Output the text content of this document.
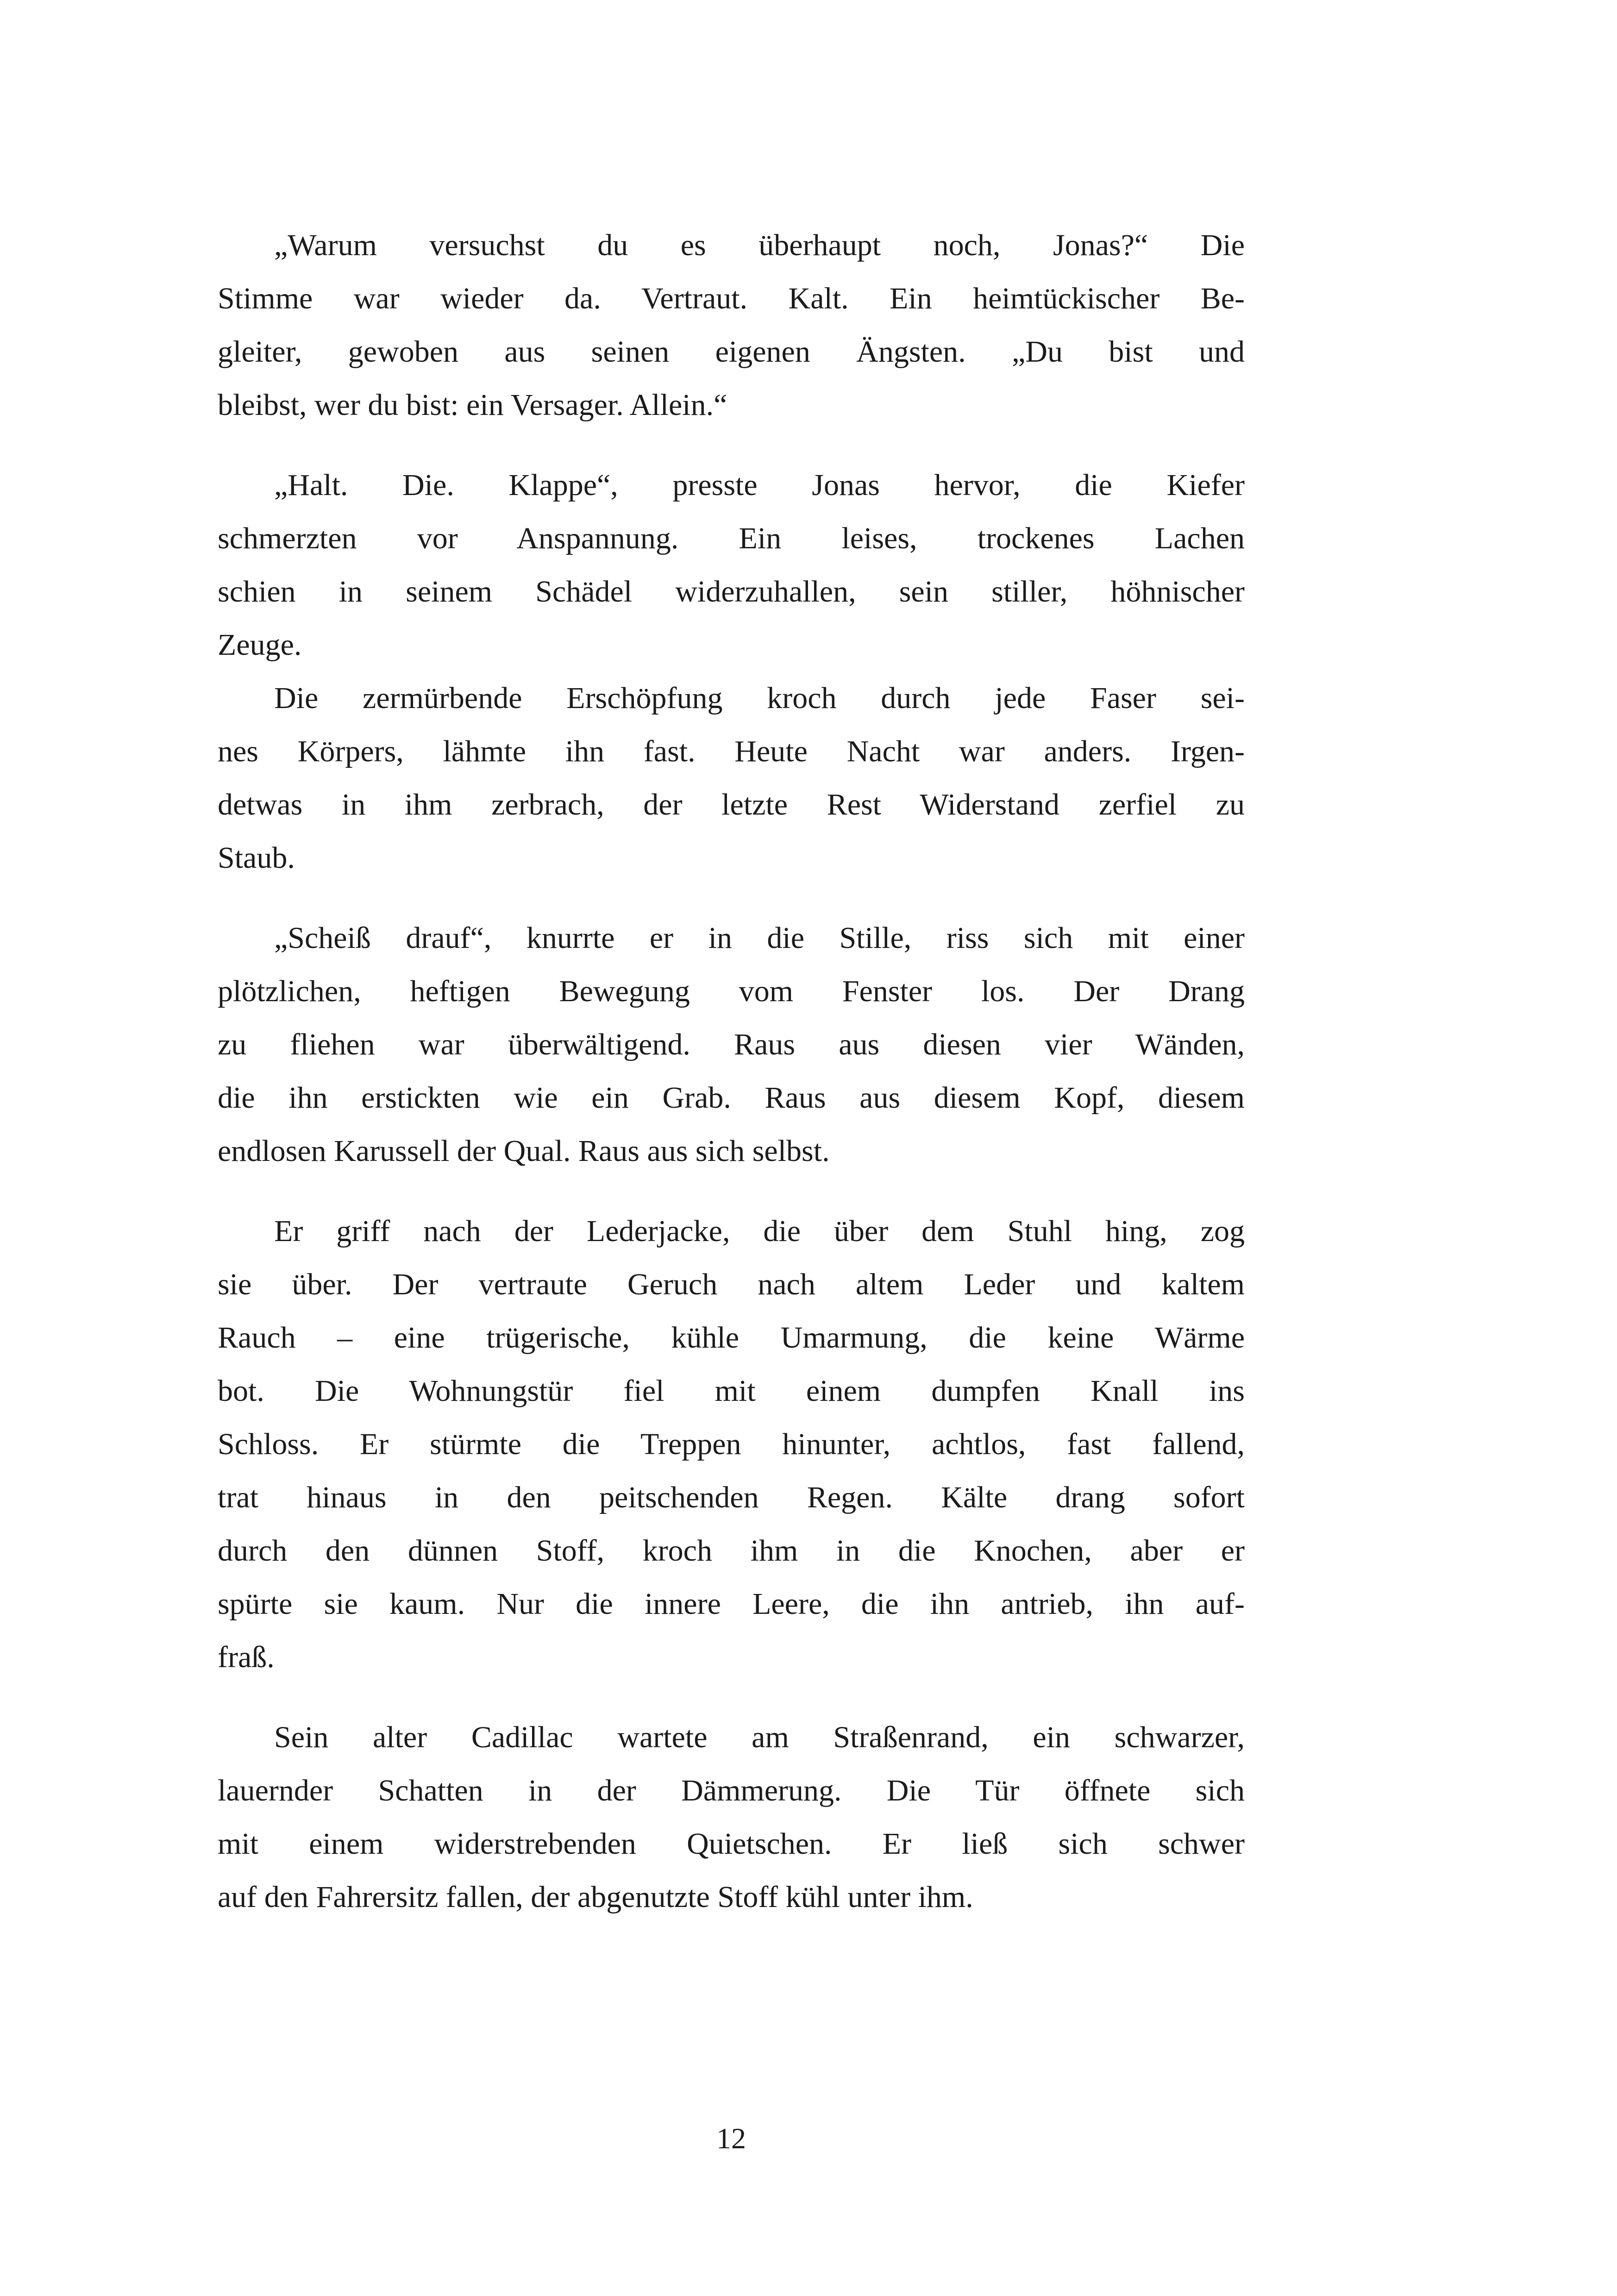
„Warum versuchst du es überhaupt noch, Jonas?“ Die
Stimme war wieder da. Vertraut. Kalt. Ein heimtückischer Be-
gleiter, gewoben aus seinen eigenen Ängsten. „Du bist und
bleibst, wer du bist: ein Versager. Allein.“

„Halt. Die. Klappe“, presste Jonas hervor, die Kiefer
schmerzten vor Anspannung. Ein leises, trockenes Lachen
schien in seinem Schädel widerzuhallen, sein stiller, höhnischer
Zeuge.

Die zermürbende Erschöpfung kroch durch jede Faser sei-
nes Körpers, lähmte ihn fast. Heute Nacht war anders. Irgen-
detwas in ihm zerbrach, der letzte Rest Widerstand zerfiel zu
Staub.

„Scheiß drauf“, knurrte er in die Stille, riss sich mit einer
plötzlichen, heftigen Bewegung vom Fenster los. Der Drang
zu fliehen war überwältigend. Raus aus diesen vier Wänden,
die ihn erstickten wie ein Grab. Raus aus diesem Kopf, diesem
endlosen Karussell der Qual. Raus aus sich selbst.

Er griff nach der Lederjacke, die über dem Stuhl hing, zog
sie über. Der vertraute Geruch nach altem Leder und kaltem
Rauch – eine trügerische, kühle Umarmung, die keine Wärme
bot. Die Wohnungstür fiel mit einem dumpfen Knall ins
Schloss. Er stürmte die Treppen hinunter, achtlos, fast fallend,
trat hinaus in den peitschenden Regen. Kälte drang sofort
durch den dünnen Stoff, kroch ihm in die Knochen, aber er
spürte sie kaum. Nur die innere Leere, die ihn antrieb, ihn auf-
fraß.

Sein alter Cadillac wartete am Straßenrand, ein schwarzer,
lauernder Schatten in der Dämmerung. Die Tür öffnete sich
mit einem widerstrebenden Quietschen. Er ließ sich schwer
auf den Fahrersitz fallen, der abgenutzte Stoff kühl unter ihm.

12
